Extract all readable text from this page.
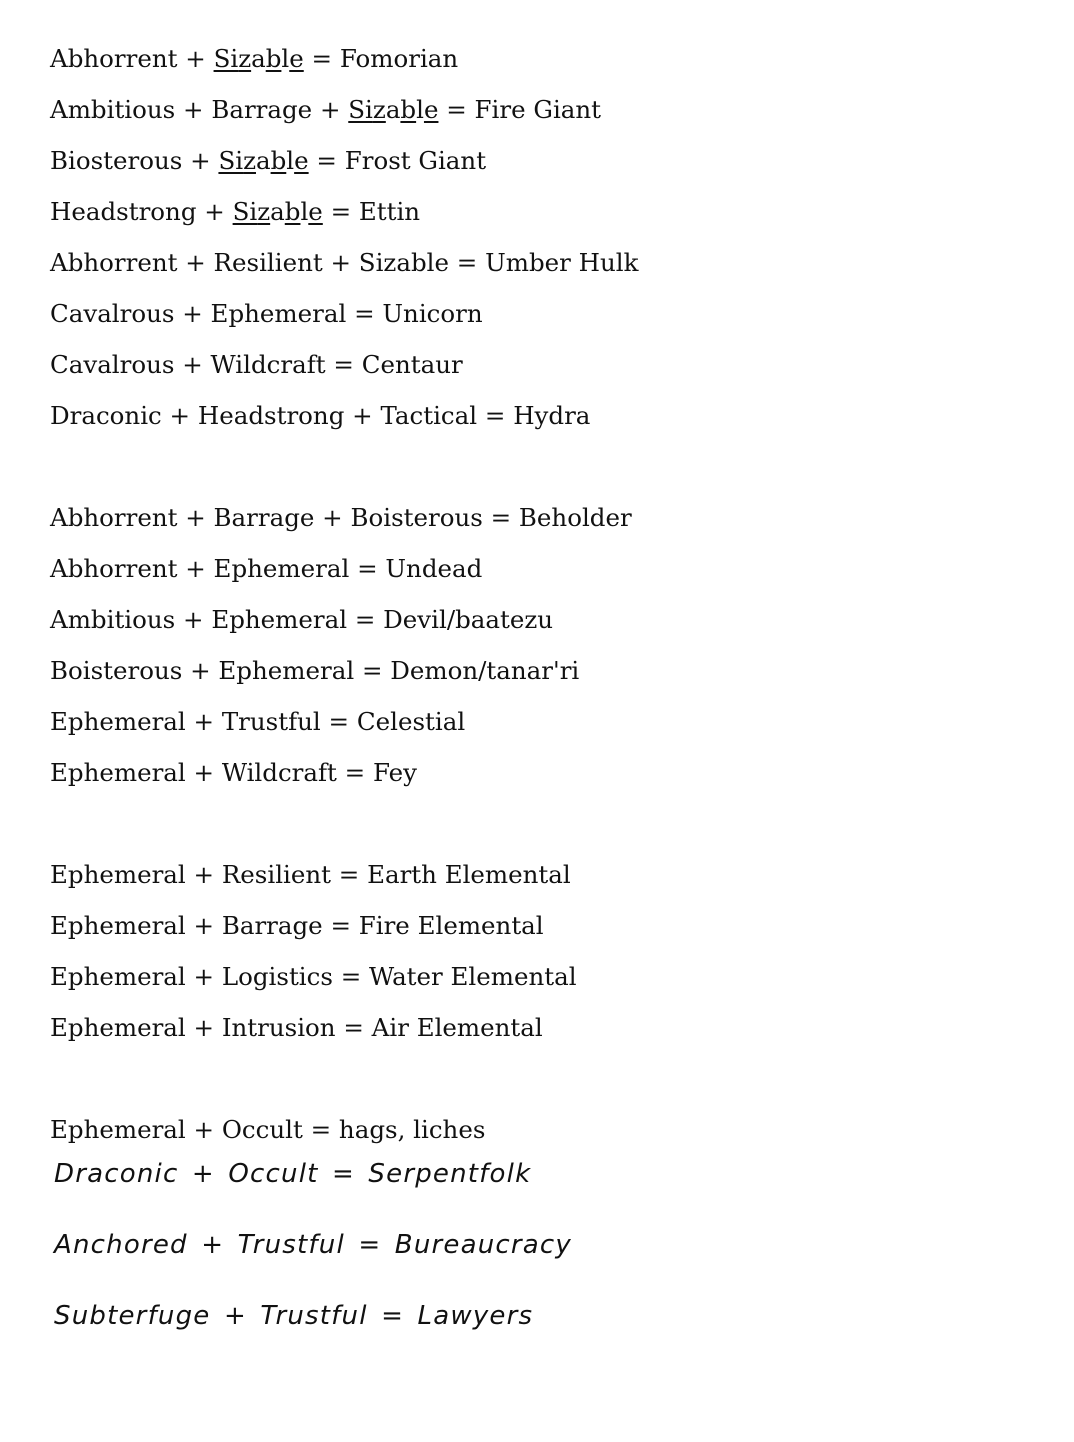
Abhorrent + Sizable = Fomorian
Ambitious + Barrage + Sizable = Fire Giant
Biosterous + Sizable = Frost Giant
Headstrong + Sizable = Ettin
Abhorrent + Resilient + Sizable = Umber Hulk
Cavalrous + Ephemeral = Unicorn
Cavalrous + Wildcraft = Centaur
Draconic + Headstrong + Tactical = Hydra
Abhorrent + Barrage + Boisterous = Beholder
Abhorrent + Ephemeral = Undead
Ambitious + Ephemeral = Devil/baatezu
Boisterous + Ephemeral = Demon/tanar'ri
Ephemeral + Trustful = Celestial
Ephemeral + Wildcraft = Fey
Ephemeral + Resilient = Earth Elemental
Ephemeral + Barrage = Fire Elemental
Ephemeral + Logistics = Water Elemental
Ephemeral + Intrusion = Air Elemental
Ephemeral + Occult = hags, liches
Draconic + Occult = Serpentfolk
Anchored + Trustful = Bureaucracy
Subterfuge + Trustful = Lawyers
